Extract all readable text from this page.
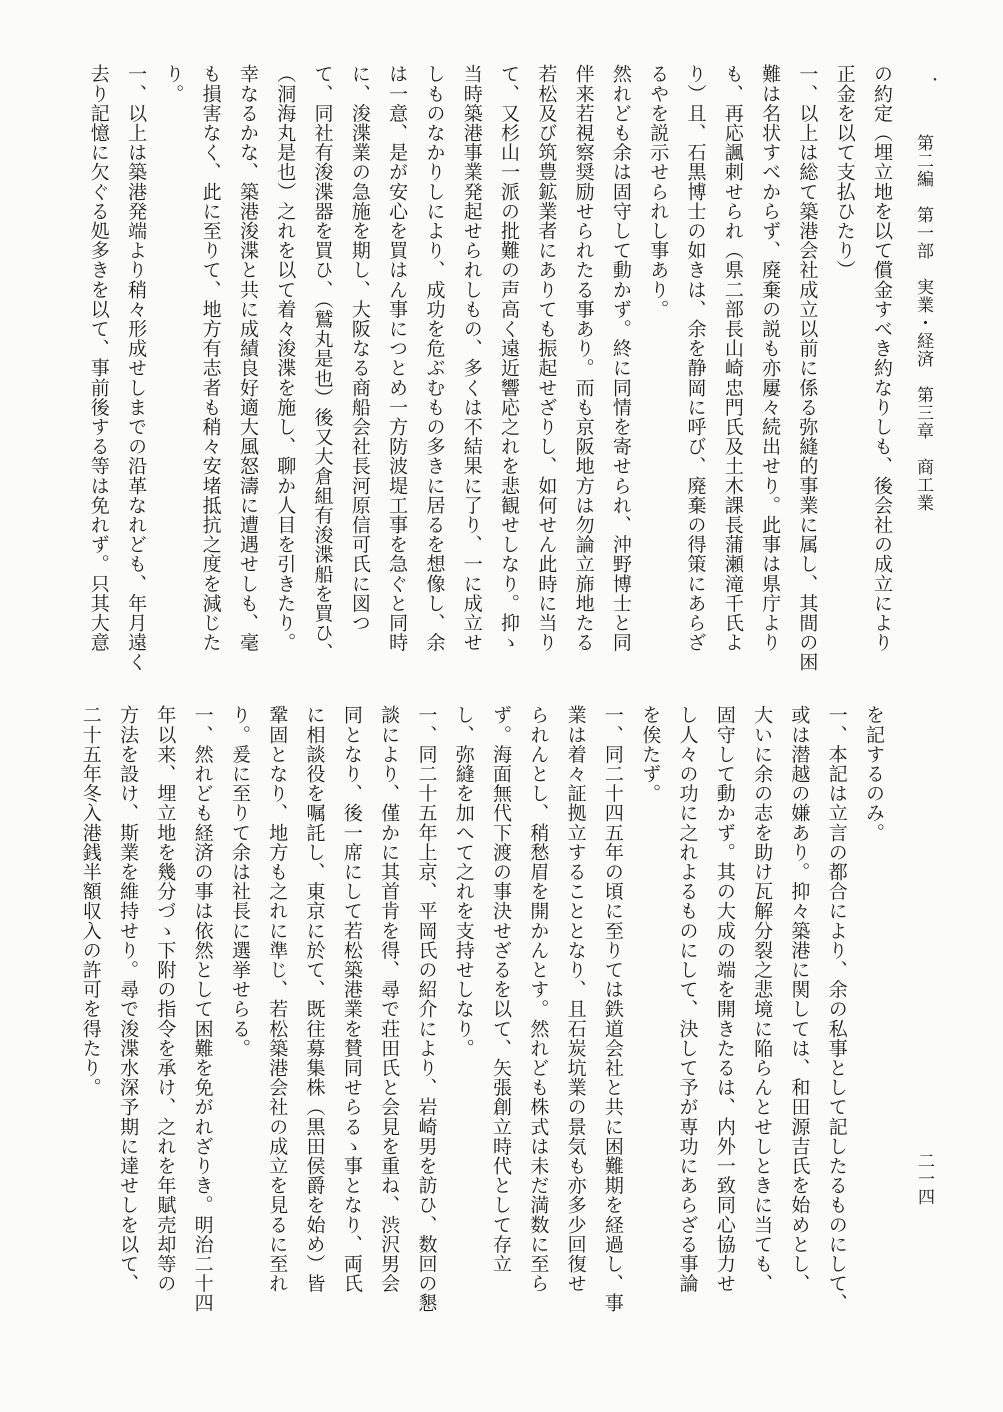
・
第二編　第一部　実業・経済　第三章　商工業
二一四
の約定（埋立地を以て償金すべき約なりしも、後会社の成立により
正金を以て支払ひたり）
一、以上は総て築港会社成立以前に係る弥縫的事業に属し、其間の困
難は名状すべからず、廃棄の説も亦屢々続出せり。此事は県庁より
も、再応諷刺せられ（県二部長山崎忠門氏及土木課長蒲瀬滝千氏よ
り）且、石黒博士の如きは、余を静岡に呼び、廃棄の得策にあらざ
るやを説示せられし事あり。
然れども余は固守して動かず。終に同情を寄せられ、沖野博士と同
伴来若視察奨励せられたる事あり。而も京阪地方は勿論立旆地たる
若松及び筑豊鉱業者にありても振起せざりし、如何せん此時に当り
て、又杉山一派の批難の声高く遠近響応之れを悲観せしなり。抑ゝ
当時築港事業発起せられしもの、多くは不結果に了り、一に成立せ
しものなかりしにより、成功を危ぶむもの多きに居るを想像し、余
は一意、是が安心を買はん事につとめ一方防波堤工事を急ぐと同時
に、浚渫業の急施を期し、大阪なる商船会社長河原信可氏に図つ
て、同社有浚渫器を買ひ、（鷲丸是也）後又大倉組有浚渫船を買ひ、
（洞海丸是也）之れを以て着々浚渫を施し、聊か人目を引きたり。
幸なるかな、築港浚渫と共に成績良好適大風怒濤に遭遇せしも、毫
も損害なく、此に至りて、地方有志者も稍々安堵抵抗之度を減じた
り。
一、以上は築港発端より稍々形成せしまでの沿革なれども、年月遠く
去り記憶に欠ぐる処多きを以て、事前後する等は免れず。只其大意
を記するのみ。
一、本記は立言の都合により、余の私事として記したるものにして、
或は潜越の嫌あり。抑々築港に関しては、和田源吉氏を始めとし、
大いに余の志を助け瓦解分裂之悲境に陥らんとせしときに当ても、
固守して動かず。其の大成の端を開きたるは、内外一致同心協力せ
し人々の功に之れよるものにして、決して予が専功にあらざる事論
を俟たず。
一、同二十四五年の頃に至りては鉄道会社と共に困難期を経過し、事
業は着々証拠立することとなり、且石炭坑業の景気も亦多少回復せ
られんとし、稍愁眉を開かんとす。然れども株式は未だ満数に至ら
ず。海面無代下渡の事決せざるを以て、矢張創立時代として存立
し、弥縫を加へて之れを支持せしなり。
一、同二十五年上京、平岡氏の紹介により、岩崎男を訪ひ、数回の懇
談により、僅かに其首肯を得、尋で荘田氏と会見を重ね、渋沢男会
同となり、後一席にして若松築港業を賛同せらるゝ事となり、両氏
に相談役を嘱託し、東京に於て、既往募集株（黒田侯爵を始め）皆
鞏固となり、地方も之れに準じ、若松築港会社の成立を見るに至れ
り。爰に至りて余は社長に選挙せらる。
一、然れども経済の事は依然として困難を免がれざりき。明治二十四
年以来、埋立地を幾分づゝ下附の指令を承け、之れを年賦売却等の
方法を設け、斯業を維持せり。尋で浚渫水深予期に達せしを以て、
二十五年冬入港銭半額収入の許可を得たり。
